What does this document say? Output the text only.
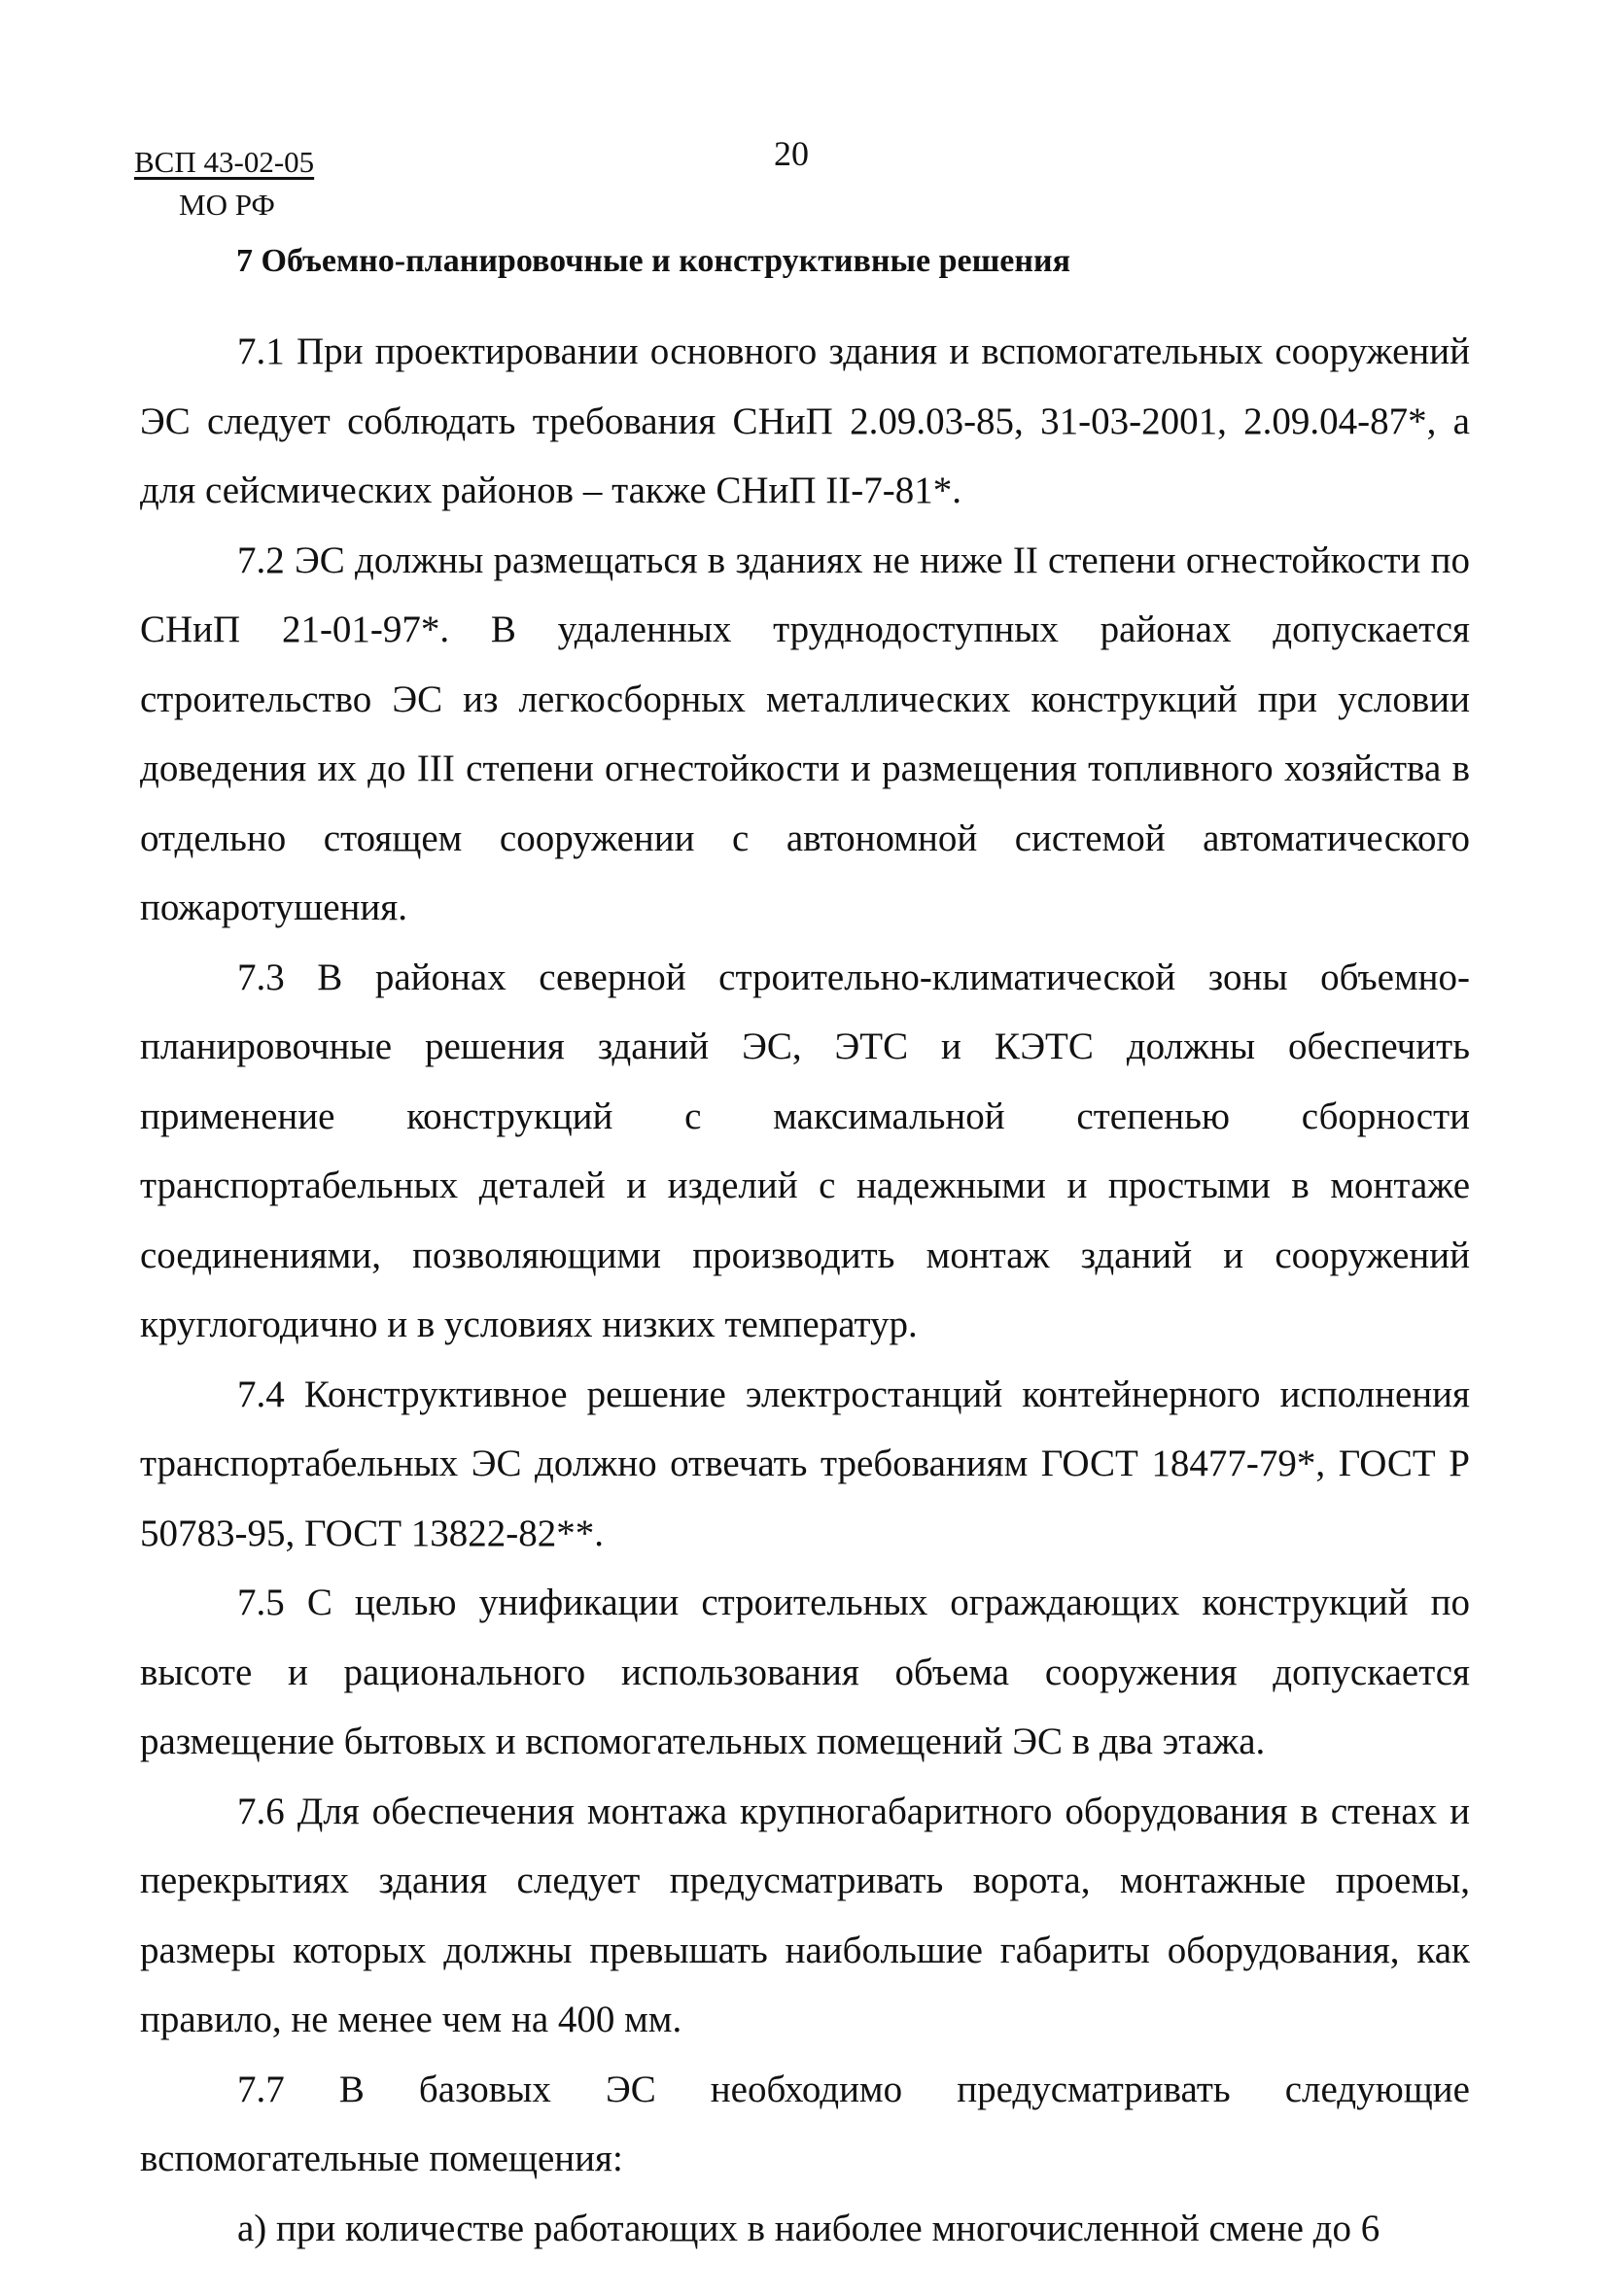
ВСП 43-02-05
МО РФ
20
7 Объемно-планировочные и конструктивные решения

7.1 При проектировании основного здания и вспомогательных сооружений ЭС следует соблюдать требования СНиП 2.09.03-85, 31-03-2001, 2.09.04-87*, а для сейсмических районов – также СНиП II-7-81*.

7.2 ЭС должны размещаться в зданиях не ниже II степени огнестойкости по СНиП 21-01-97*. В удаленных труднодоступных районах допускается строительство ЭС из легкосборных металлических конструкций при условии доведения их до III степени огнестойкости и размещения топливного хозяйства в отдельно стоящем сооружении с автономной системой автоматического пожаротушения.

7.3 В районах северной строительно-климатической зоны объемно-планировочные решения зданий ЭС, ЭТС и КЭТС должны обеспечить применение конструкций с максимальной степенью сборности транспортабельных деталей и изделий с надежными и простыми в монтаже соединениями, позволяющими производить монтаж зданий и сооружений круглогодично и в условиях низких температур.

7.4 Конструктивное решение электростанций контейнерного исполнения транспортабельных ЭС должно отвечать требованиям ГОСТ 18477-79*, ГОСТ Р 50783-95, ГОСТ 13822-82**.

7.5 С целью унификации строительных ограждающих конструкций по высоте и рационального использования объема сооружения допускается размещение бытовых и вспомогательных помещений ЭС в два этажа.

7.6 Для обеспечения монтажа крупногабаритного оборудования в стенах и перекрытиях здания следует предусматривать ворота, монтажные проемы, размеры которых должны превышать наибольшие габариты оборудования, как правило, не менее чем на 400 мм.

7.7 В базовых ЭС необходимо предусматривать следующие вспомогательные помещения:

а) при количестве работающих в наиболее многочисленной смене до 6
